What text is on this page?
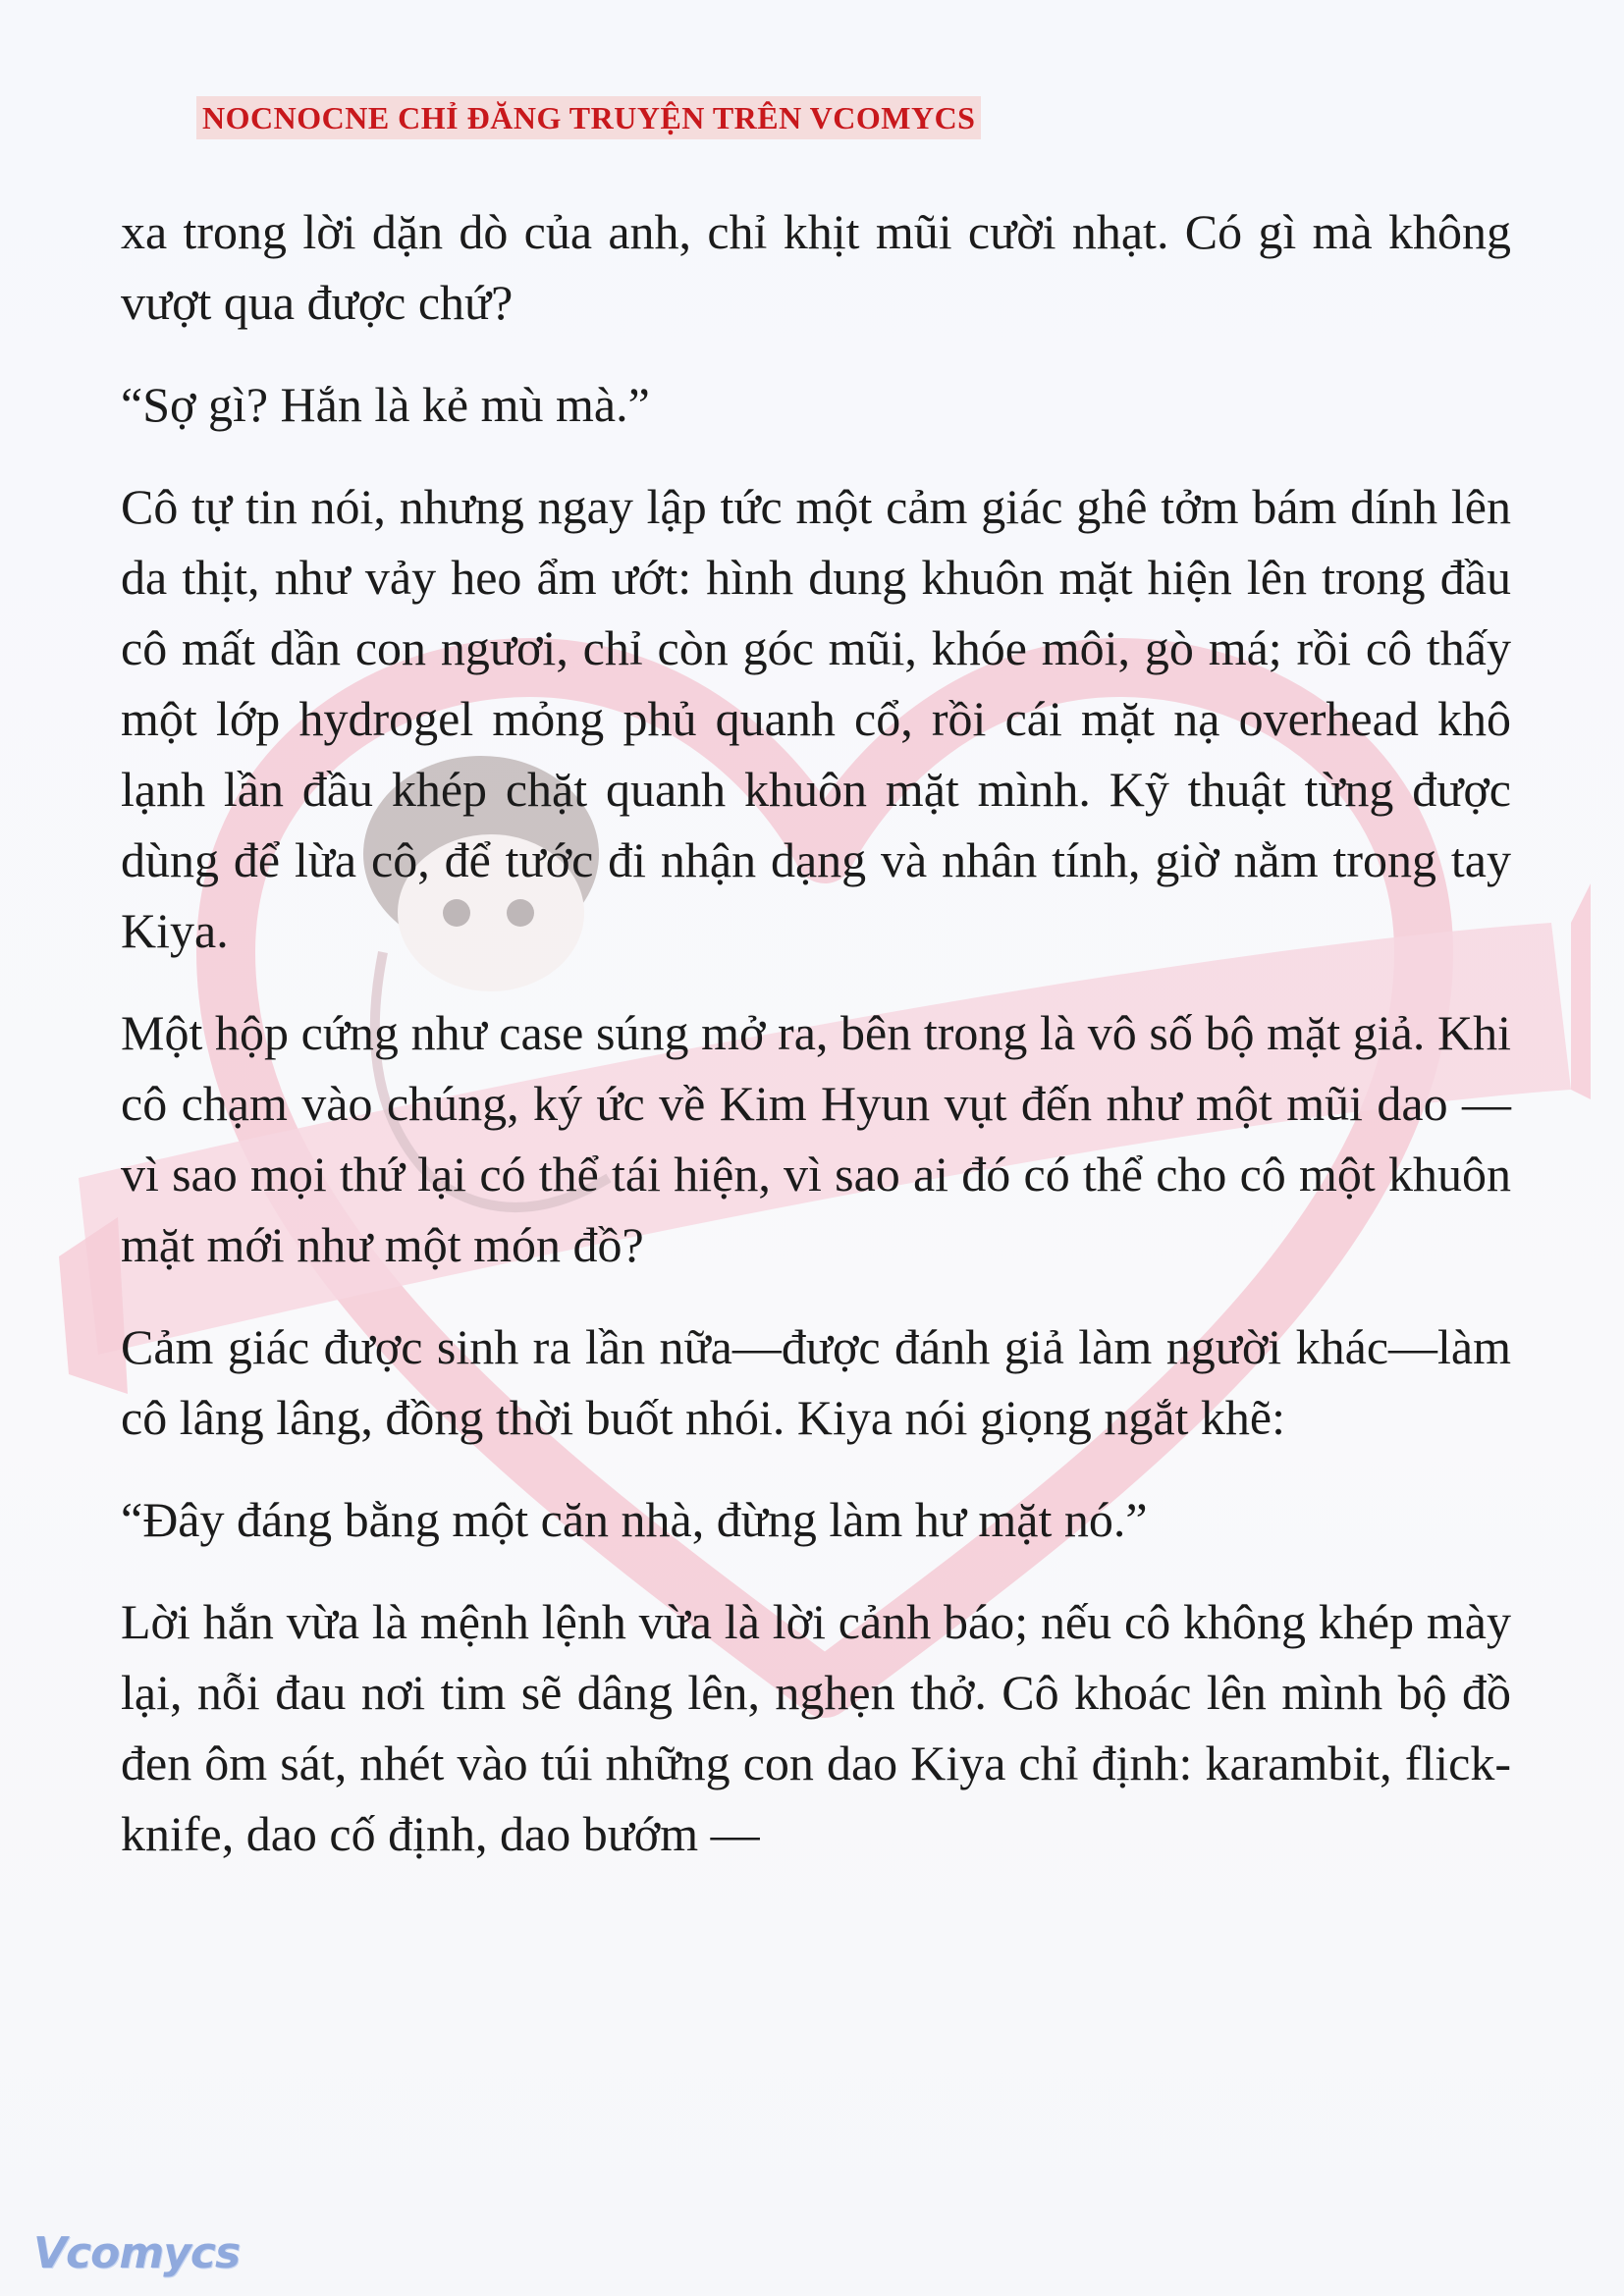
NOCNOCNE CHỈ ĐĂNG TRUYỆN TRÊN VCOMYCS

xa trong lời dặn dò của anh, chỉ khịt mũi cười nhạt. Có gì mà không vượt qua được chứ?

“Sợ gì? Hắn là kẻ mù mà.”

Cô tự tin nói, nhưng ngay lập tức một cảm giác ghê tởm bám dính lên da thịt, như vảy heo ẩm ướt: hình dung khuôn mặt hiện lên trong đầu cô mất dần con ngươi, chỉ còn góc mũi, khóe môi, gò má; rồi cô thấy một lớp hydrogel mỏng phủ quanh cổ, rồi cái mặt nạ overhead khô lạnh lần đầu khép chặt quanh khuôn mặt mình. Kỹ thuật từng được dùng để lừa cô, để tước đi nhận dạng và nhân tính, giờ nằm trong tay Kiya.

Một hộp cứng như case súng mở ra, bên trong là vô số bộ mặt giả. Khi cô chạm vào chúng, ký ức về Kim Hyun vụt đến như một mũi dao — vì sao mọi thứ lại có thể tái hiện, vì sao ai đó có thể cho cô một khuôn mặt mới như một món đồ?

Cảm giác được sinh ra lần nữa—được đánh giả làm người khác—làm cô lâng lâng, đồng thời buốt nhói. Kiya nói giọng ngắt khẽ:

“Đây đáng bằng một căn nhà, đừng làm hư mặt nó.”

Lời hắn vừa là mệnh lệnh vừa là lời cảnh báo; nếu cô không khép mày lại, nỗi đau nơi tim sẽ dâng lên, nghẹn thở. Cô khoác lên mình bộ đồ đen ôm sát, nhét vào túi những con dao Kiya chỉ định: karambit, flick-knife, dao cố định, dao bướm —

Vcomycs
